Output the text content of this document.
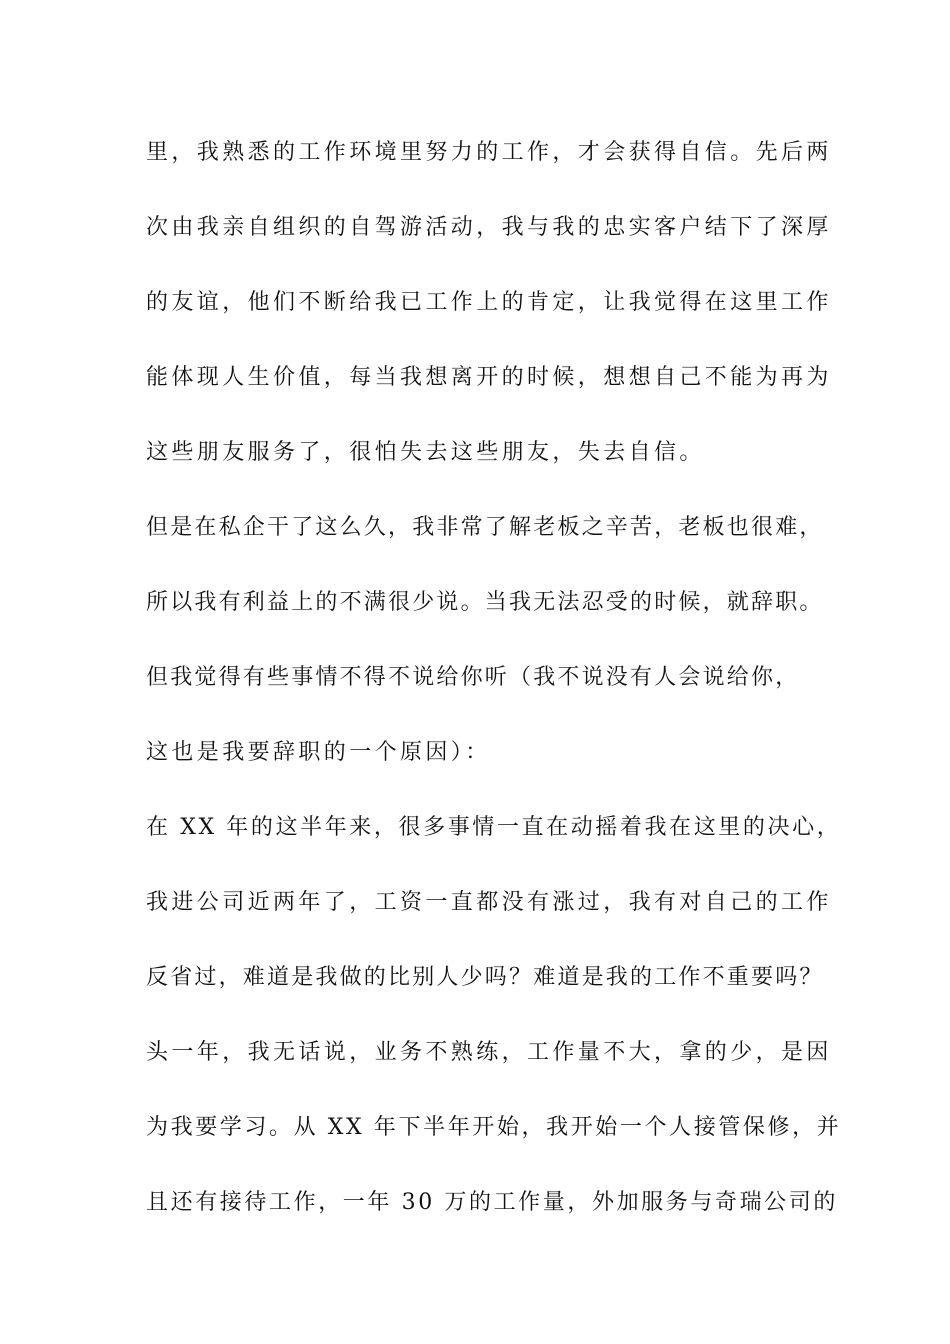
里，我熟悉的工作环境里努力的工作，才会获得自信。先后两
次由我亲自组织的自驾游活动，我与我的忠实客户结下了深厚
的友谊，他们不断给我已工作上的肯定，让我觉得在这里工作
能体现人生价值，每当我想离开的时候，想想自己不能为再为
这些朋友服务了，很怕失去这些朋友，失去自信。
但是在私企干了这么久，我非常了解老板之辛苦，老板也很难，
所以我有利益上的不满很少说。当我无法忍受的时候，就辞职。
但我觉得有些事情不得不说给你听（我不说没有人会说给你，
这也是我要辞职的一个原因）：
在 XX 年的这半年来，很多事情一直在动摇着我在这里的决心，
我进公司近两年了，工资一直都没有涨过，我有对自己的工作
反省过，难道是我做的比别人少吗？难道是我的工作不重要吗？
头一年，我无话说，业务不熟练，工作量不大，拿的少，是因
为我要学习。从 XX 年下半年开始，我开始一个人接管保修，并
且还有接待工作，一年 30 万的工作量，外加服务与奇瑞公司的
